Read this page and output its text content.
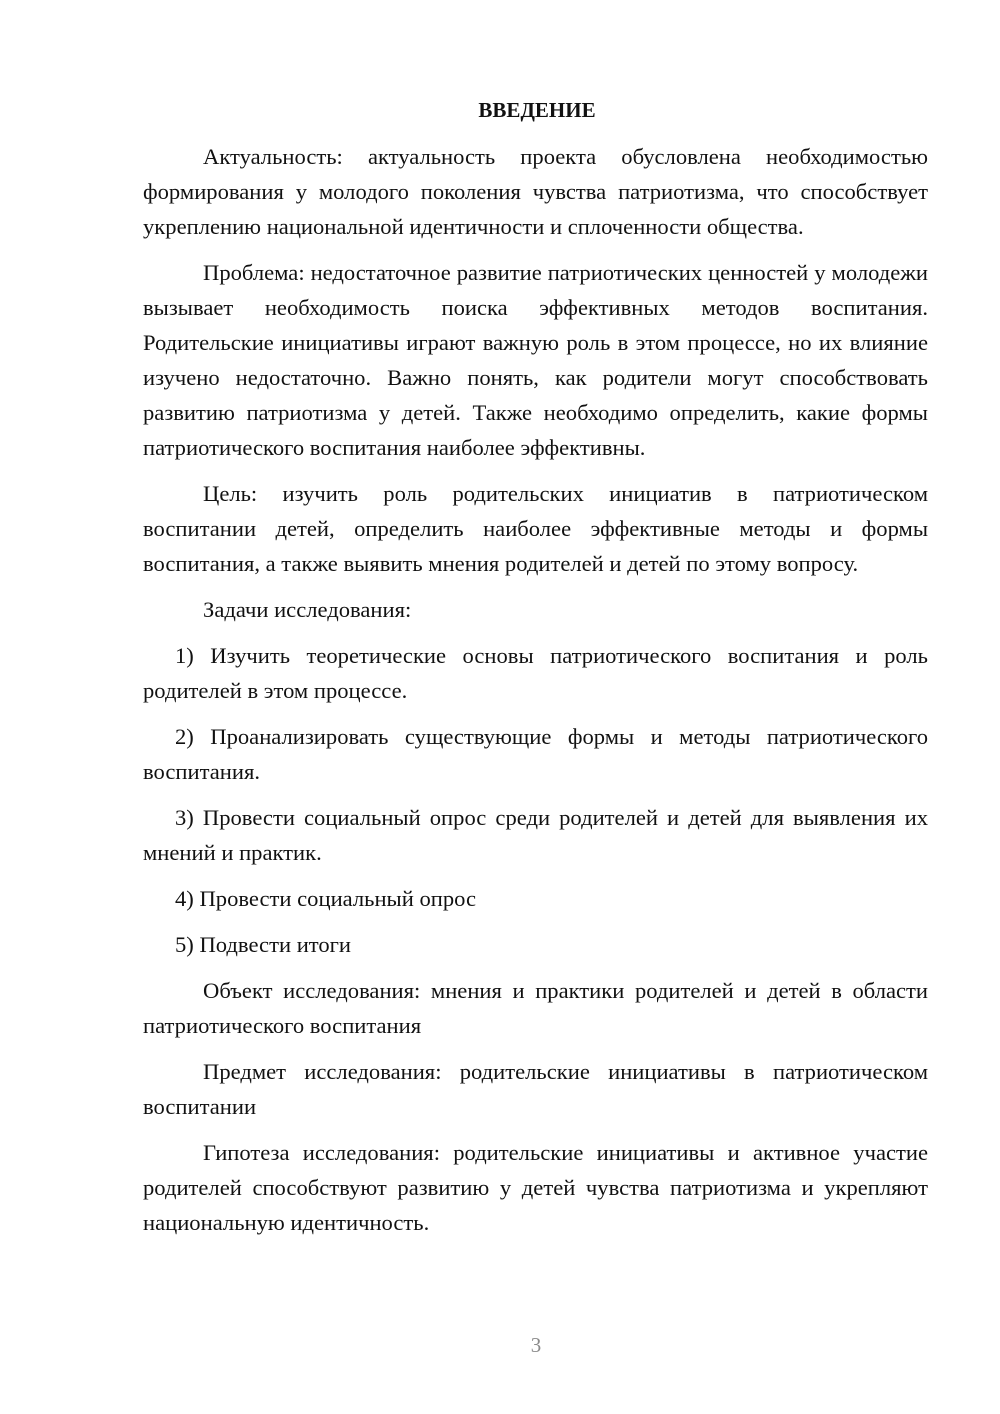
ВВЕДЕНИЕ

Актуальность: актуальность проекта обусловлена необходимостью формирования у молодого поколения чувства патриотизма, что способствует укреплению национальной идентичности и сплоченности общества.

Проблема: недостаточное развитие патриотических ценностей у молодежи вызывает необходимость поиска эффективных методов воспитания. Родительские инициативы играют важную роль в этом процессе, но их влияние изучено недостаточно. Важно понять, как родители могут способствовать развитию патриотизма у детей. Также необходимо определить, какие формы патриотического воспитания наиболее эффективны.

Цель: изучить роль родительских инициатив в патриотическом воспитании детей, определить наиболее эффективные методы и формы воспитания, а также выявить мнения родителей и детей по этому вопросу.

Задачи исследования:

1) Изучить теоретические основы патриотического воспитания и роль родителей в этом процессе.

2) Проанализировать существующие формы и методы патриотического воспитания.

3) Провести социальный опрос среди родителей и детей для выявления их мнений и практик.

4) Провести социальный опрос

5) Подвести итоги

Объект исследования: мнения и практики родителей и детей в области патриотического воспитания

Предмет исследования: родительские инициативы в патриотическом воспитании

Гипотеза исследования: родительские инициативы и активное участие родителей способствуют развитию у детей чувства патриотизма и укрепляют национальную идентичность.

3
